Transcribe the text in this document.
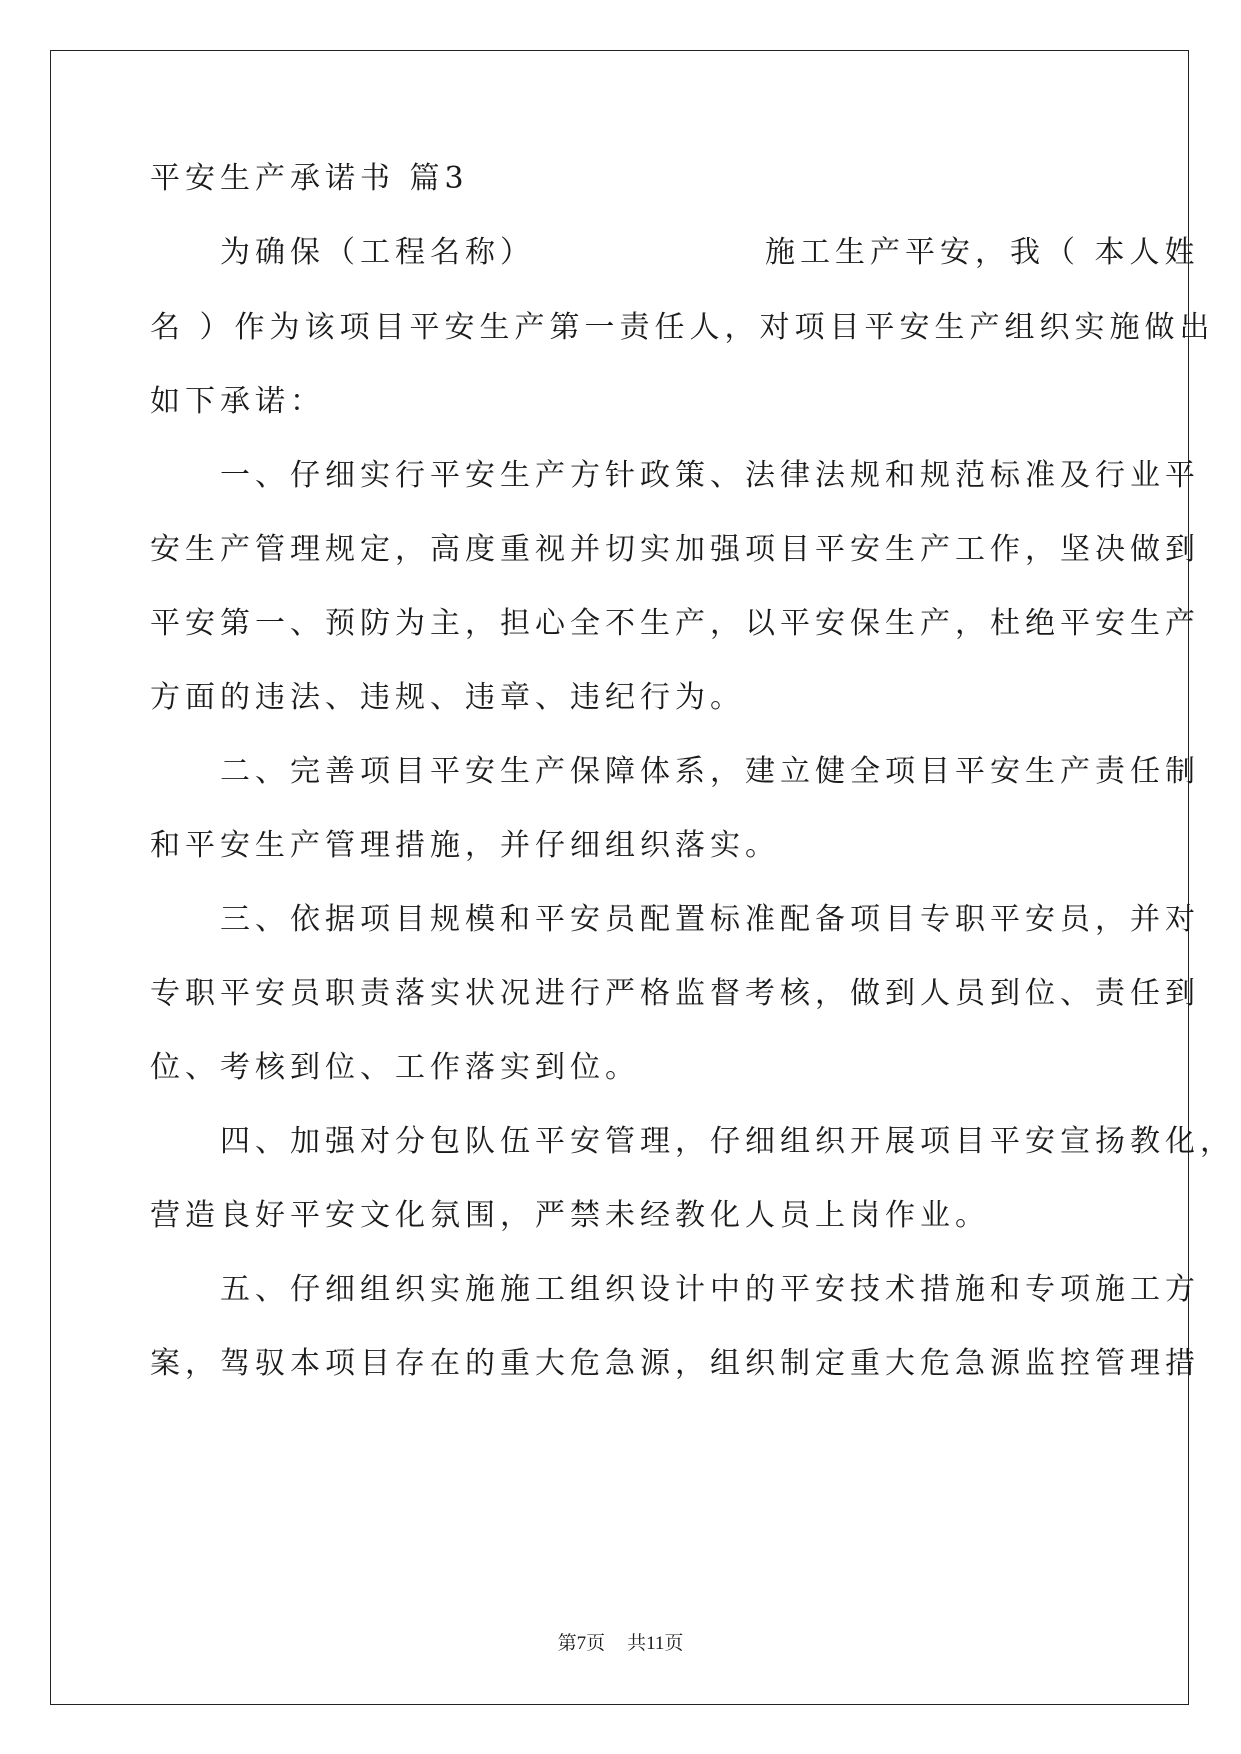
平安生产承诺书 篇3
　　为确保（工程名称）　　　　　　　施工生产平安，我（ 本人姓
名 ）作为该项目平安生产第一责任人，对项目平安生产组织实施做出
如下承诺：
　　一、仔细实行平安生产方针政策、法律法规和规范标准及行业平
安生产管理规定，高度重视并切实加强项目平安生产工作，坚决做到
平安第一、预防为主，担心全不生产，以平安保生产，杜绝平安生产
方面的违法、违规、违章、违纪行为。
　　二、完善项目平安生产保障体系，建立健全项目平安生产责任制
和平安生产管理措施，并仔细组织落实。
　　三、依据项目规模和平安员配置标准配备项目专职平安员，并对
专职平安员职责落实状况进行严格监督考核，做到人员到位、责任到
位、考核到位、工作落实到位。
　　四、加强对分包队伍平安管理，仔细组织开展项目平安宣扬教化，
营造良好平安文化氛围，严禁未经教化人员上岗作业。
　　五、仔细组织实施施工组织设计中的平安技术措施和专项施工方
案，驾驭本项目存在的重大危急源，组织制定重大危急源监控管理措
第7页 共11页
